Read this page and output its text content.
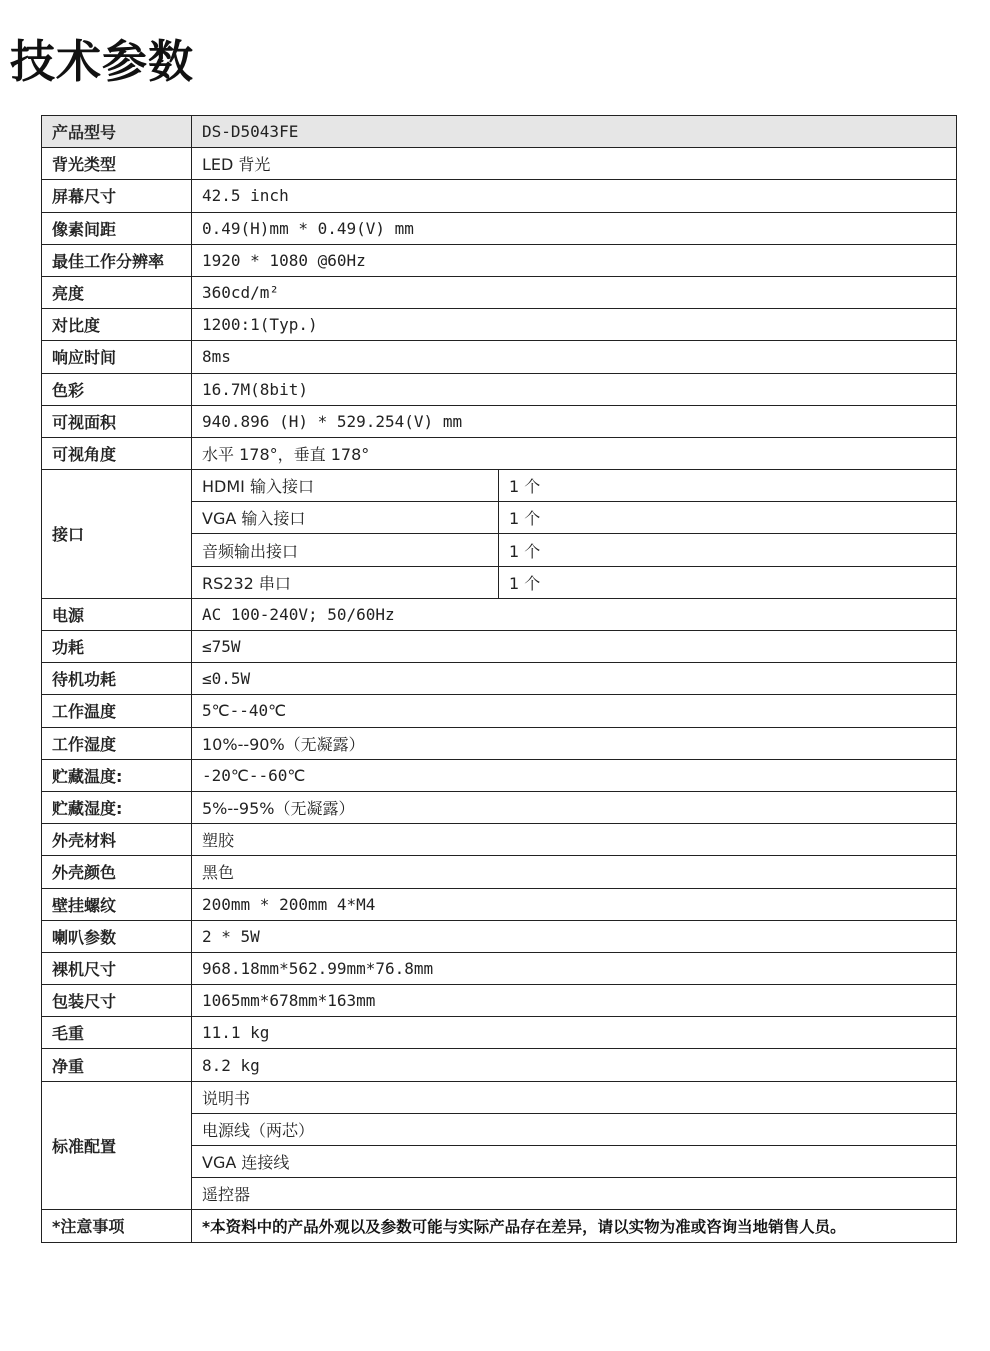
技术参数
产品型号	DS-D5043FE	
背光类型	LED 背光	
屏幕尺寸	42.5 inch	
像素间距	0.49(H)mm * 0.49(V) mm	
最佳工作分辨率	1920 * 1080 @60Hz	
亮度	360cd/m²	
对比度	1200:1(Typ.)	
响应时间	8ms	
色彩	16.7M(8bit)	
可视面积	940.896 (H) * 529.254(V) mm	
可视角度	水平 178°，垂直 178°	
接口	HDMI 输入接口	1 个
	VGA 输入接口	1 个
	音频输出接口	1 个
	RS232 串口	1 个
电源	AC 100-240V; 50/60Hz	
功耗	≤75W	
待机功耗	≤0.5W	
工作温度	5℃--40℃	
工作湿度	10%--90%（无凝露）	
贮藏温度:	-20℃--60℃	
贮藏湿度:	5%--95%（无凝露）	
外壳材料	塑胶	
外壳颜色	黑色	
壁挂螺纹	200mm * 200mm 4*M4	
喇叭参数	2 * 5W	
裸机尺寸	968.18mm*562.99mm*76.8mm	
包装尺寸	1065mm*678mm*163mm	
毛重	11.1 kg	
净重	8.2 kg	
标准配置	说明书	
	电源线（两芯）	
	VGA 连接线	
	遥控器	
*注意事项	*本资料中的产品外观以及参数可能与实际产品存在差异，请以实物为准或咨询当地销售人员。	
